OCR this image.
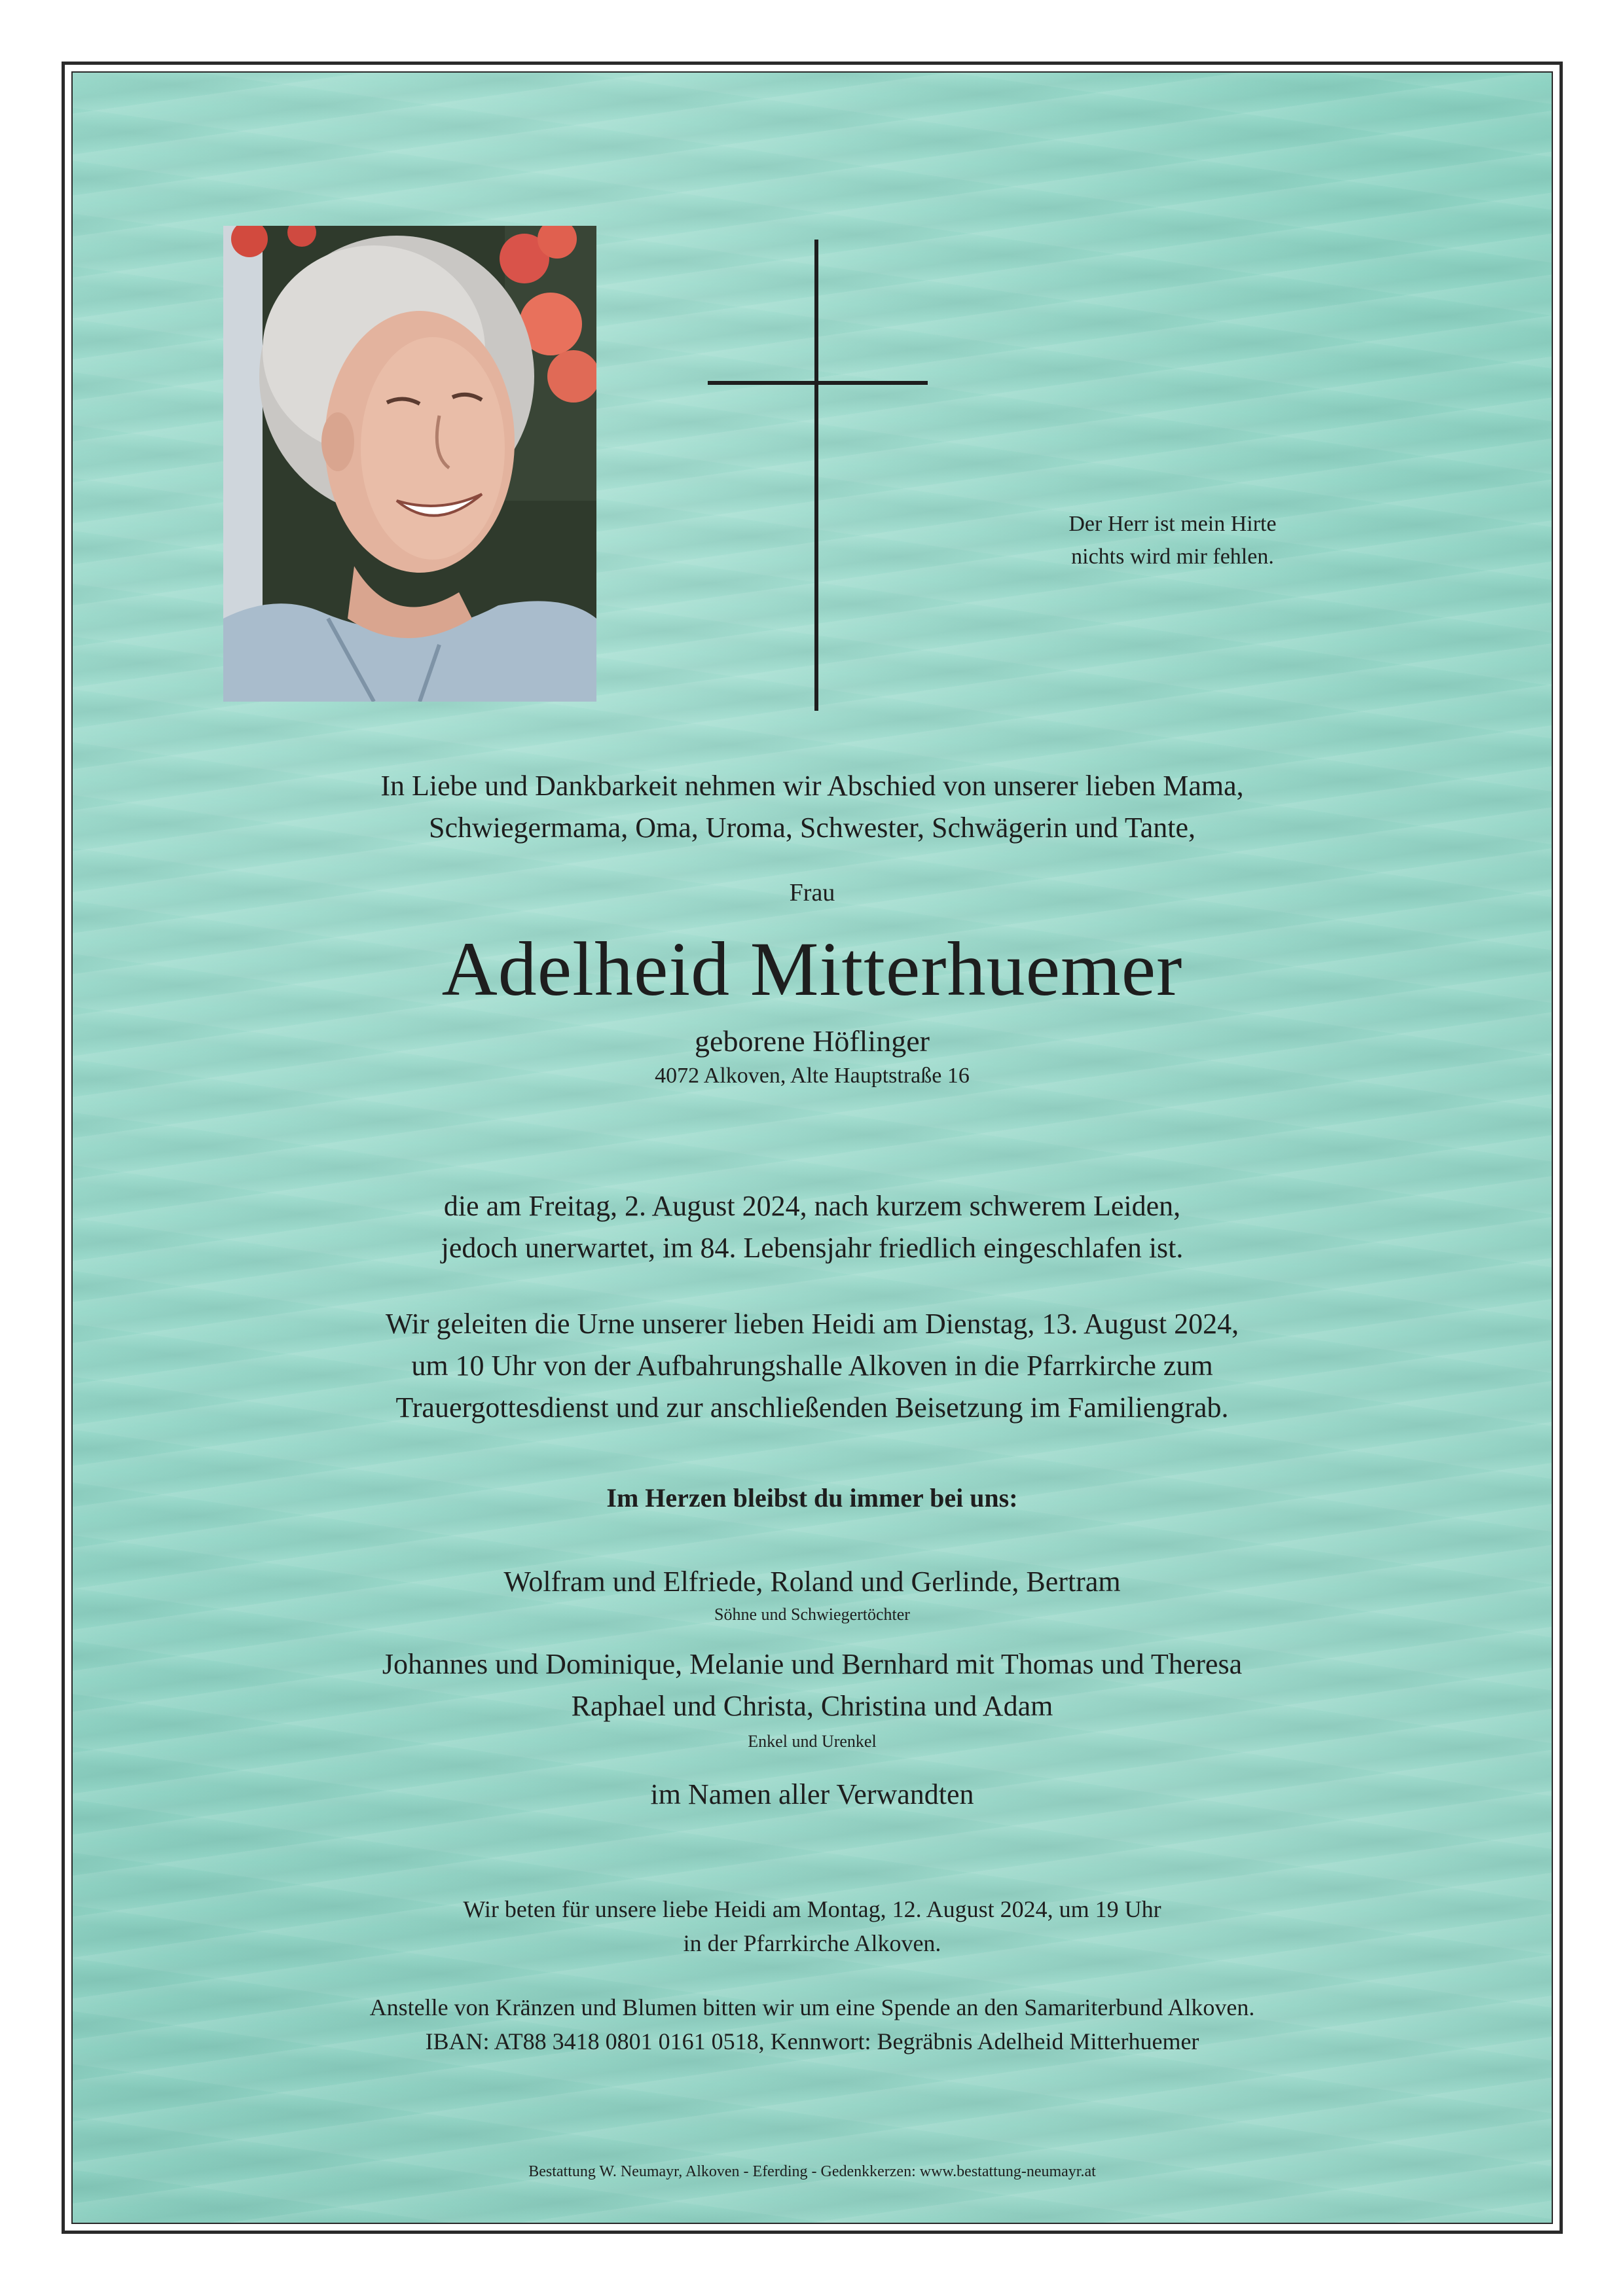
Der Herr ist mein Hirte
nichts wird mir fehlen.
In Liebe und Dankbarkeit nehmen wir Abschied von unserer lieben Mama,
Schwiegermama, Oma, Uroma, Schwester, Schwägerin und Tante,
Frau
Adelheid Mitterhuemer
geborene Höflinger
4072 Alkoven, Alte Hauptstraße 16
die am Freitag, 2. August 2024, nach kurzem schwerem Leiden,
jedoch unerwartet, im 84. Lebensjahr friedlich eingeschlafen ist.
Wir geleiten die Urne unserer lieben Heidi am Dienstag, 13. August 2024,
um 10 Uhr von der Aufbahrungshalle Alkoven in die Pfarrkirche zum
Trauergottesdienst und zur anschließenden Beisetzung im Familiengrab.
Im Herzen bleibst du immer bei uns:
Wolfram und Elfriede, Roland und Gerlinde, Bertram
Söhne und Schwiegertöchter
Johannes und Dominique, Melanie und Bernhard mit Thomas und Theresa
Raphael und Christa, Christina und Adam
Enkel und Urenkel
im Namen aller Verwandten
Wir beten für unsere liebe Heidi am Montag, 12. August 2024, um 19 Uhr
in der Pfarrkirche Alkoven.
Anstelle von Kränzen und Blumen bitten wir um eine Spende an den Samariterbund Alkoven.
IBAN: AT88 3418 0801 0161 0518, Kennwort: Begräbnis Adelheid Mitterhuemer
Bestattung W. Neumayr, Alkoven - Eferding - Gedenkkerzen: www.bestattung-neumayr.at
